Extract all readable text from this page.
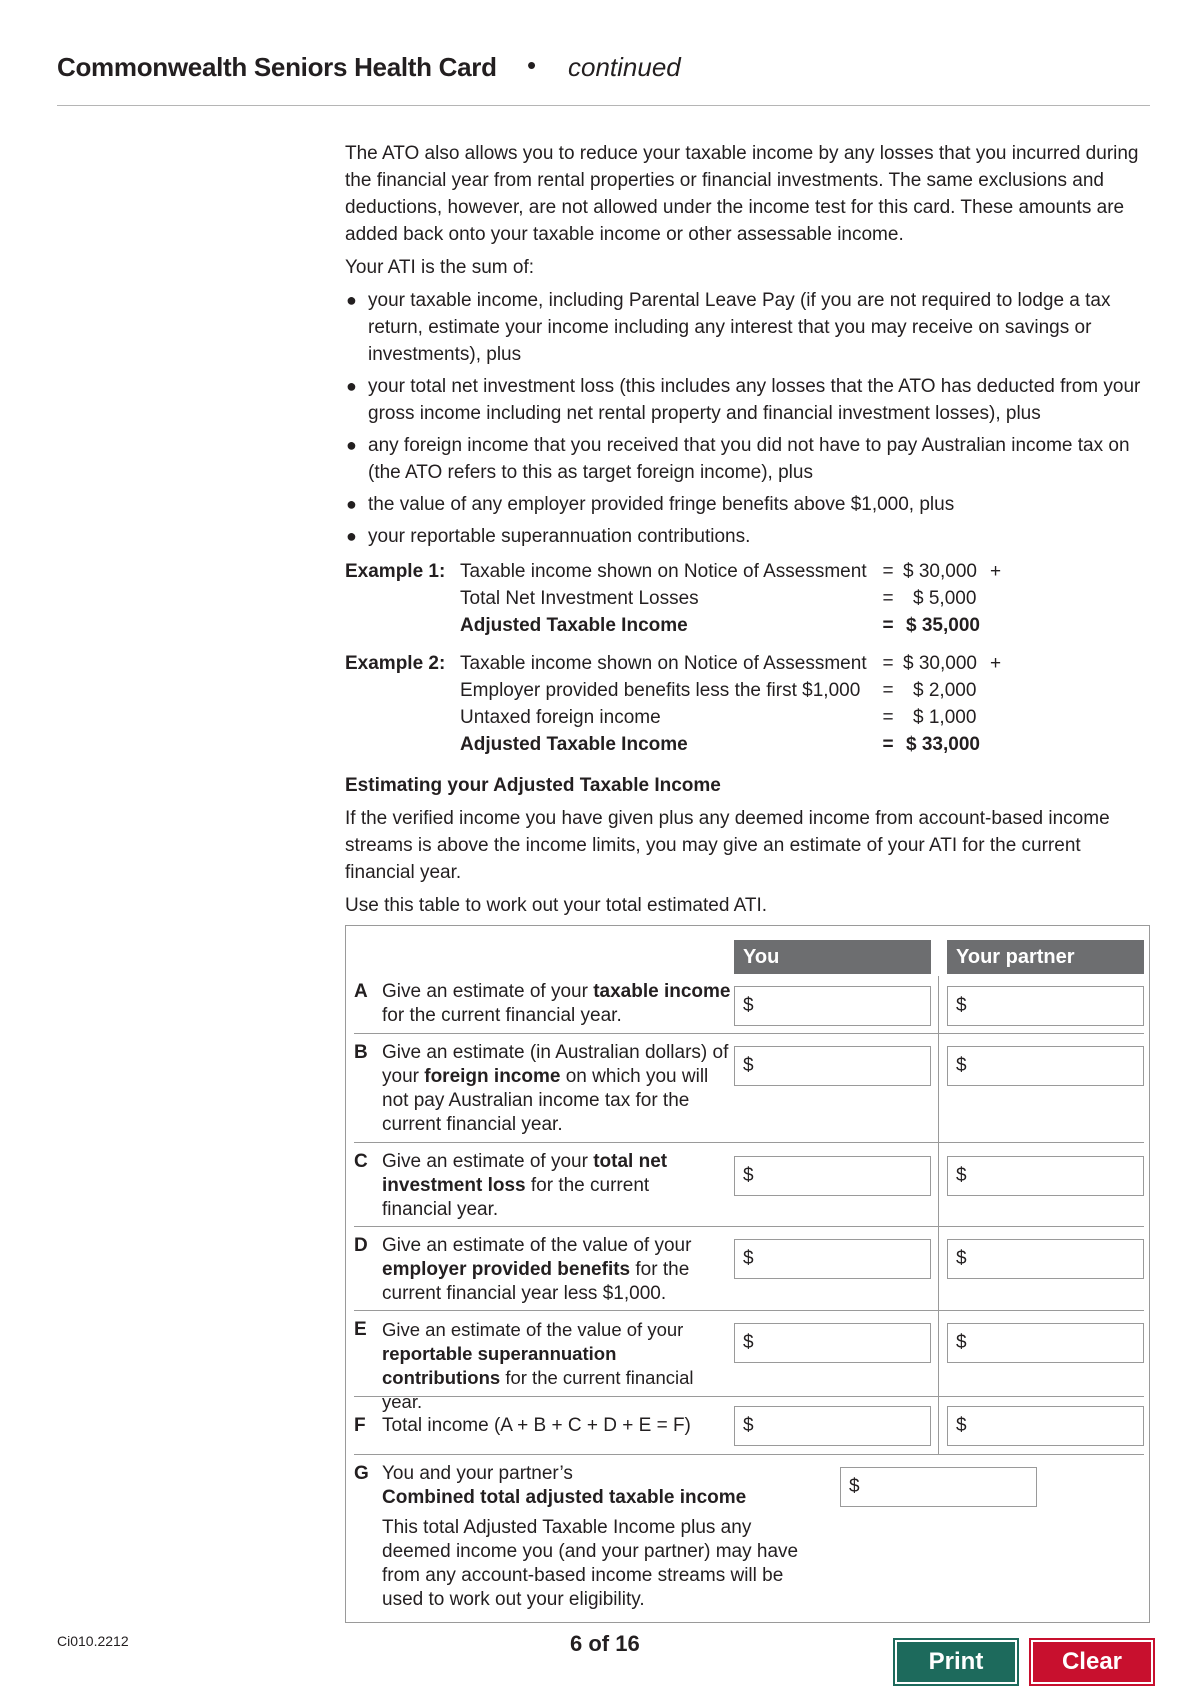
Commonwealth Seniors Health Card • continued

The ATO also allows you to reduce your taxable income by any losses that you incurred during the financial year from rental properties or financial investments. The same exclusions and deductions, however, are not allowed under the income test for this card. These amounts are added back onto your taxable income or other assessable income.

Your ATI is the sum of:

● your taxable income, including Parental Leave Pay (if you are not required to lodge a tax return, estimate your income including any interest that you may receive on savings or investments), plus
● your total net investment loss (this includes any losses that the ATO has deducted from your gross income including net rental property and financial investment losses), plus
● any foreign income that you received that you did not have to pay Australian income tax on (the ATO refers to this as target foreign income), plus
● the value of any employer provided fringe benefits above $1,000, plus
● your reportable superannuation contributions.
Example 1: Taxable income shown on Notice of Assessment = $ 30,000 +
Total Net Investment Losses	= $ 5,000
Adjusted Taxable Income	= $ 35,000
Example 2: Taxable income shown on Notice of Assessment = $ 30,000 +
Employer provided benefits less the first $1,000 = $ 2,000
Untaxed foreign income	= $ 1,000
Adjusted Taxable Income	= $ 33,000

Estimating your Adjusted Taxable Income

If the verified income you have given plus any deemed income from account-based income streams is above the income limits, you may give an estimate of your ATI for the current financial year.

Use this table to work out your total estimated ATI.

You	Your partner
A Give an estimate of your taxable income for the current financial year.	$	$
B Give an estimate (in Australian dollars) of your foreign income on which you will not pay Australian income tax for the current financial year.
$	$
C Give an estimate of your total net investment loss for the current financial year.
$	$
D Give an estimate of the value of your employer provided benefits for the current financial year less $1,000.
$	$
E Give an estimate of the value of your reportable superannuation contributions for the current financial year.
$	$
F Total income (A + B + C + D + E = F)	$	$
G You and your partner’s
Combined total adjusted taxable income
This total Adjusted Taxable Income plus any deemed income you (and your partner) may have from any account-based income streams will be used to work out your eligibility.
$
Ci010.2212	6 of 16
Print	Clear
